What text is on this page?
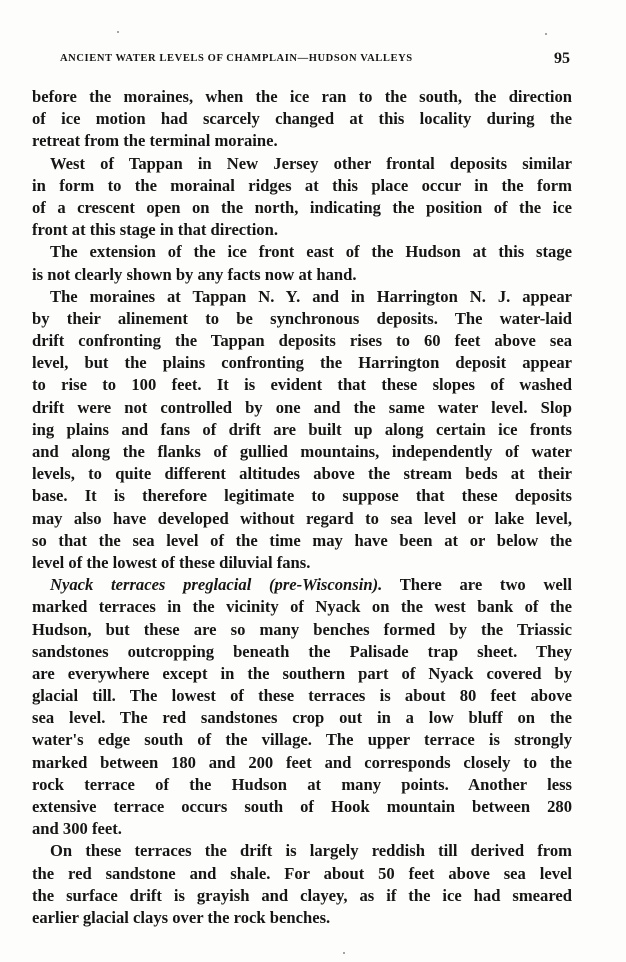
ANCIENT WATER LEVELS OF CHAMPLAIN—HUDSON VALLEYS	95
before the moraines, when the ice ran to the south, the direction
of ice motion had scarcely changed at this locality during the
retreat from the terminal moraine.
West of Tappan in New Jersey other frontal deposits similar
in form to the morainal ridges at this place occur in the form
of a crescent open on the north, indicating the position of the ice
front at this stage in that direction.
The extension of the ice front east of the Hudson at this stage
is not clearly shown by any facts now at hand.
The moraines at Tappan N. Y. and in Harrington N. J. appear
by their alinement to be synchronous deposits. The water-laid
drift confronting the Tappan deposits rises to 60 feet above sea
level, but the plains confronting the Harrington deposit appear
to rise to 100 feet. It is evident that these slopes of washed
drift were not controlled by one and the same water level. Slop
ing plains and fans of drift are built up along certain ice fronts
and along the flanks of gullied mountains, independently of water
levels, to quite different altitudes above the stream beds at their
base. It is therefore legitimate to suppose that these deposits
may also have developed without regard to sea level or lake level,
so that the sea level of the time may have been at or below the
level of the lowest of these diluvial fans.
Nyack terraces preglacial (pre-Wisconsin). There are two well
marked terraces in the vicinity of Nyack on the west bank of the
Hudson, but these are so many benches formed by the Triassic
sandstones outcropping beneath the Palisade trap sheet. They
are everywhere except in the southern part of Nyack covered by
glacial till. The lowest of these terraces is about 80 feet above
sea level. The red sandstones crop out in a low bluff on the
water's edge south of the village. The upper terrace is strongly
marked between 180 and 200 feet and corresponds closely to the
rock terrace of the Hudson at many points. Another less
extensive terrace occurs south of Hook mountain between 280
and 300 feet.
On these terraces the drift is largely reddish till derived from
the red sandstone and shale. For about 50 feet above sea level
the surface drift is grayish and clayey, as if the ice had smeared
earlier glacial clays over the rock benches.
